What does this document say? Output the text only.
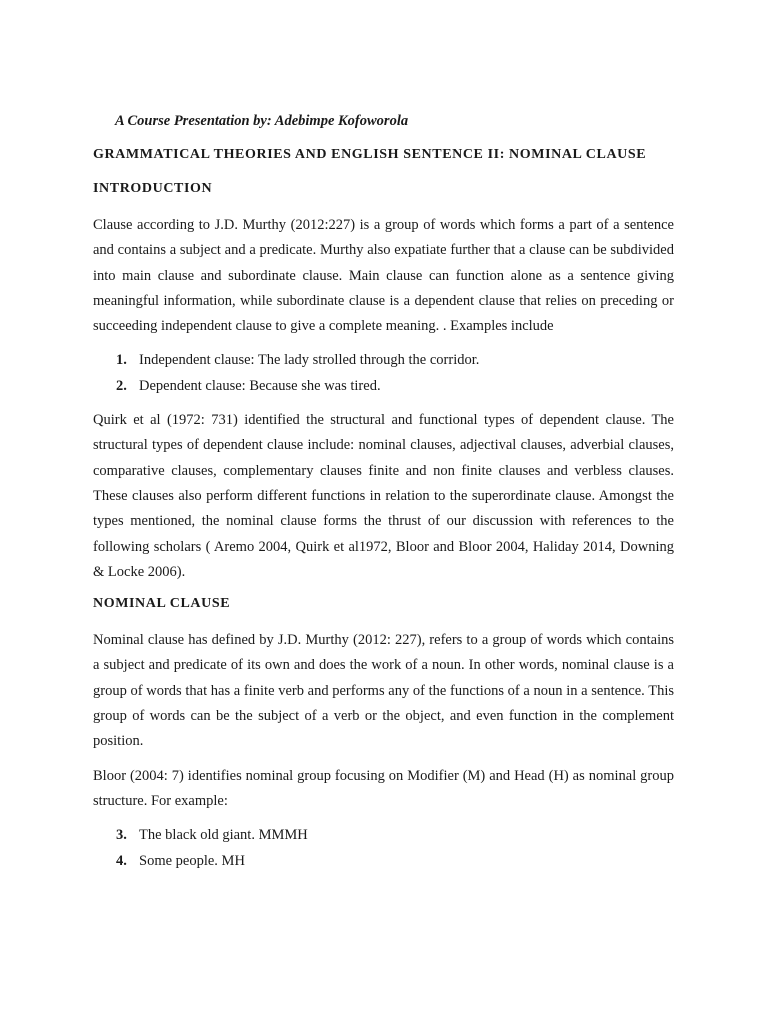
A Course Presentation by: Adebimpe Kofoworola

GRAMMATICAL THEORIES AND ENGLISH SENTENCE II: NOMINAL CLAUSE

INTRODUCTION

Clause according to J.D. Murthy (2012:227) is a group of words which forms a part of a sentence and contains a subject and a predicate. Murthy also expatiate further that a clause can be subdivided into main clause and subordinate clause. Main clause can function alone as a sentence giving meaningful information, while subordinate clause is a dependent clause that relies on preceding or succeeding independent clause to give a complete meaning. . Examples include

1. Independent clause: The lady strolled through the corridor.
2. Dependent clause: Because she was tired.

Quirk et al (1972: 731) identified the structural and functional types of dependent clause. The structural types of dependent clause include: nominal clauses, adjectival clauses, adverbial clauses, comparative clauses, complementary clauses finite and non finite clauses and verbless clauses. These clauses also perform different functions in relation to the superordinate clause. Amongst the types mentioned, the nominal clause forms the thrust of our discussion with references to the following scholars ( Aremo 2004, Quirk et al1972, Bloor and Bloor 2004, Haliday 2014, Downing & Locke 2006).

NOMINAL CLAUSE

Nominal clause has defined by J.D. Murthy (2012: 227), refers to a group of words which contains a subject and predicate of its own and does the work of a noun. In other words, nominal clause is a group of words that has a finite verb and performs any of the functions of a noun in a sentence. This group of words can be the subject of a verb or the object, and even function in the complement position.

Bloor (2004: 7) identifies nominal group focusing on Modifier (M) and Head (H) as nominal group structure. For example:

3. The black old giant. MMMH
4. Some people. MH
